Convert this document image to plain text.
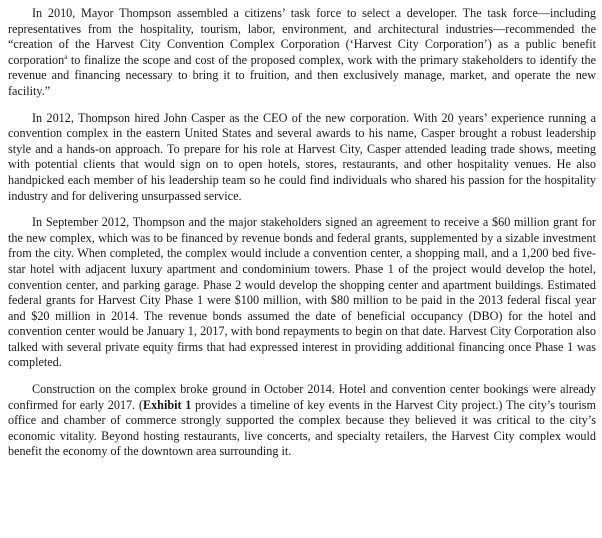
In 2010, Mayor Thompson assembled a citizens’ task force to select a developer. The task force—including representatives from the hospitality, tourism, labor, environment, and architectural industries—recommended the “creation of the Harvest City Convention Complex Corporation (‘Harvest City Corporation’) as a public benefit corporation$^a$ to finalize the scope and cost of the proposed complex, work with the primary stakeholders to identify the revenue and financing necessary to bring it to fruition, and then exclusively manage, market, and operate the new facility.”

In 2012, Thompson hired John Casper as the CEO of the new corporation. With 20 years’ experience running a convention complex in the eastern United States and several awards to his name, Casper brought a robust leadership style and a hands-on approach. To prepare for his role at Harvest City, Casper attended leading trade shows, meeting with potential clients that would sign on to open hotels, stores, restaurants, and other hospitality venues. He also handpicked each member of his leadership team so he could find individuals who shared his passion for the hospitality industry and for delivering unsurpassed service.

In September 2012, Thompson and the major stakeholders signed an agreement to receive a $60 million grant for the new complex, which was to be financed by revenue bonds and federal grants, supplemented by a sizable investment from the city. When completed, the complex would include a convention center, a shopping mall, and a 1,200 bed five-star hotel with adjacent luxury apartment and condominium towers. Phase 1 of the project would develop the hotel, convention center, and parking garage. Phase 2 would develop the shopping center and apartment buildings. Estimated federal grants for Harvest City Phase 1 were $100 million, with $80 million to be paid in the 2013 federal fiscal year and $20 million in 2014. The revenue bonds assumed the date of beneficial occupancy (DBO) for the hotel and convention center would be January 1, 2017, with bond repayments to begin on that date. Harvest City Corporation also talked with several private equity firms that had expressed interest in providing additional financing once Phase 1 was completed.

Construction on the complex broke ground in October 2014. Hotel and convention center bookings were already confirmed for early 2017. (Exhibit 1 provides a timeline of key events in the Harvest City project.) The city’s tourism office and chamber of commerce strongly supported the complex because they believed it was critical to the city’s economic vitality. Beyond hosting restaurants, live concerts, and specialty retailers, the Harvest City complex would benefit the economy of the downtown area surrounding it.
